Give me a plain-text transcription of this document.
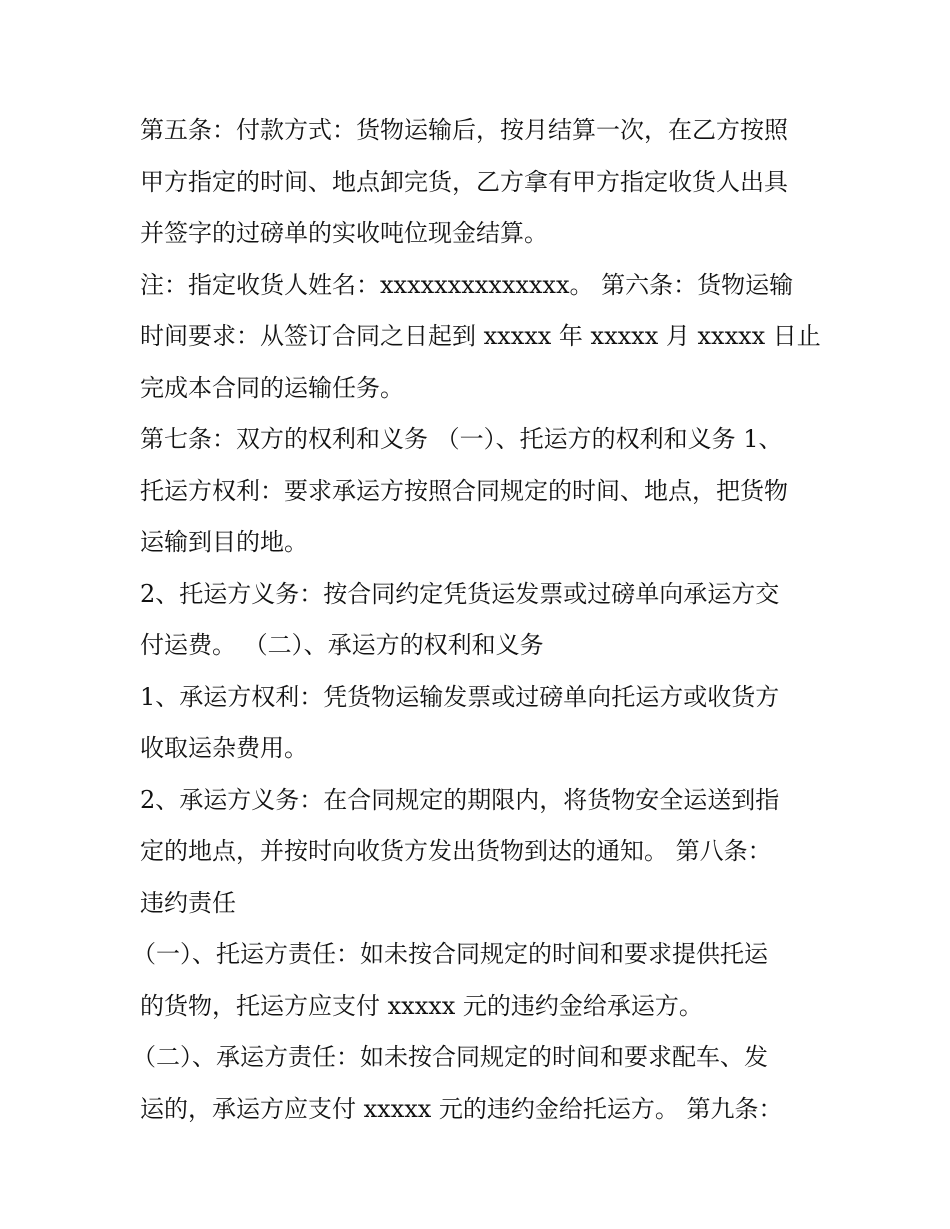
第五条：付款方式：货物运输后，按月结算一次，在乙方按照
甲方指定的时间、地点卸完货，乙方拿有甲方指定收货人出具
并签字的过磅单的实收吨位现金结算。
注：指定收货人姓名：xxxxxxxxxxxxxx。 第六条：货物运输
时间要求：从签订合同之日起到 xxxxx 年 xxxxx 月 xxxxx 日止
完成本合同的运输任务。
第七条：双方的权利和义务 （一）、托运方的权利和义务 1、
托运方权利：要求承运方按照合同规定的时间、地点，把货物
运输到目的地。
2、托运方义务：按合同约定凭货运发票或过磅单向承运方交
付运费。 （二）、承运方的权利和义务
1、承运方权利：凭货物运输发票或过磅单向托运方或收货方
收取运杂费用。
2、承运方义务：在合同规定的期限内，将货物安全运送到指
定的地点，并按时向收货方发出货物到达的通知。 第八条：
违约责任
（一）、托运方责任：如未按合同规定的时间和要求提供托运
的货物，托运方应支付 xxxxx 元的违约金给承运方。
（二）、承运方责任：如未按合同规定的时间和要求配车、发
运的，承运方应支付 xxxxx 元的违约金给托运方。 第九条：
